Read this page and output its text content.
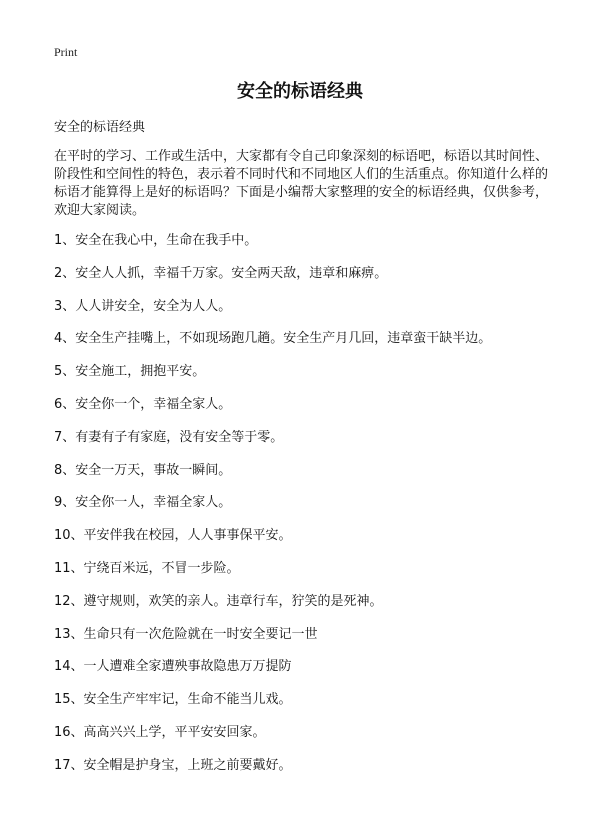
Print
安全的标语经典

安全的标语经典

在平时的学习、工作或生活中，大家都有令自己印象深刻的标语吧，标语以其时间性、阶段性和空间性的特色，表示着不同时代和不同地区人们的生活重点。你知道什么样的标语才能算得上是好的标语吗？下面是小编帮大家整理的安全的标语经典，仅供参考，欢迎大家阅读。

1、安全在我心中，生命在我手中。
2、安全人人抓，幸福千万家。安全两天敌，违章和麻痹。
3、人人讲安全，安全为人人。
4、安全生产挂嘴上，不如现场跑几趟。安全生产月几回，违章蛮干缺半边。
5、安全施工，拥抱平安。
6、安全你一个，幸福全家人。
7、有妻有子有家庭，没有安全等于零。
8、安全一万天，事故一瞬间。
9、安全你一人，幸福全家人。
10、平安伴我在校园，人人事事保平安。
11、宁绕百米远，不冒一步险。
12、遵守规则，欢笑的亲人。违章行车，狞笑的是死神。
13、生命只有一次危险就在一时安全要记一世
14、一人遭难全家遭殃事故隐患万万提防
15、安全生产牢牢记，生命不能当儿戏。
16、高高兴兴上学，平平安安回家。
17、安全帽是护身宝，上班之前要戴好。
